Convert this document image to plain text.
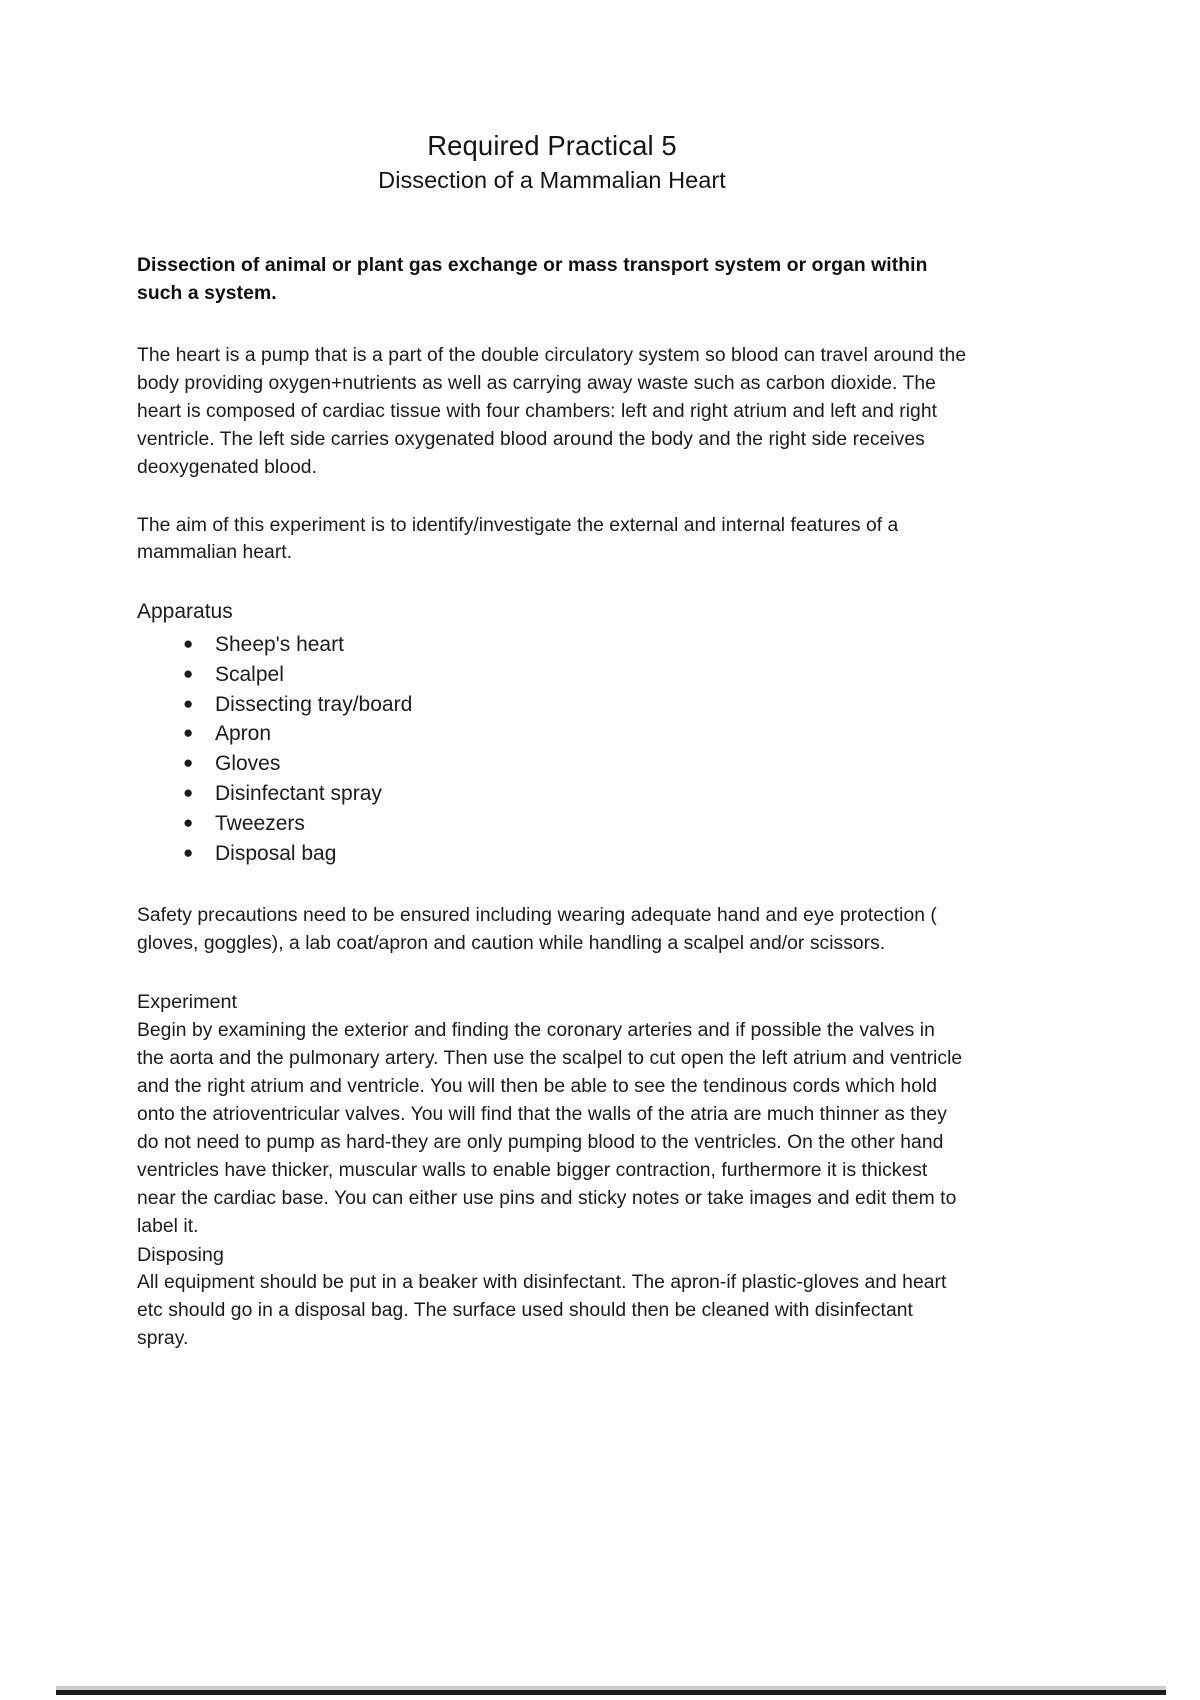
Required Practical 5
Dissection of a Mammalian Heart

Dissection of animal or plant gas exchange or mass transport system or organ within such a system.

The heart is a pump that is a part of the double circulatory system so blood can travel around the body providing oxygen+nutrients as well as carrying away waste such as carbon dioxide. The heart is composed of cardiac tissue with four chambers: left and right atrium and left and right ventricle. The left side carries oxygenated blood around the body and the right side receives deoxygenated blood.

The aim of this experiment is to identify/investigate the external and internal features of a mammalian heart.

Apparatus

● Sheep's heart
● Scalpel
● Dissecting tray/board
● Apron
● Gloves
● Disinfectant spray
● Tweezers
● Disposal bag

Safety precautions need to be ensured including wearing adequate hand and eye protection ( gloves, goggles), a lab coat/apron and caution while handling a scalpel and/or scissors.

Experiment

Begin by examining the exterior and finding the coronary arteries and if possible the valves in the aorta and the pulmonary artery. Then use the scalpel to cut open the left atrium and ventricle and the right atrium and ventricle. You will then be able to see the tendinous cords which hold onto the atrioventricular valves. You will find that the walls of the atria are much thinner as they do not need to pump as hard-they are only pumping blood to the ventricles. On the other hand ventricles have thicker, muscular walls to enable bigger contraction, furthermore it is thickest near the cardiac base. You can either use pins and sticky notes or take images and edit them to label it.

Disposing

All equipment should be put in a beaker with disinfectant. The apron-if plastic-gloves and heart etc should go in a disposal bag. The surface used should then be cleaned with disinfectant spray.
